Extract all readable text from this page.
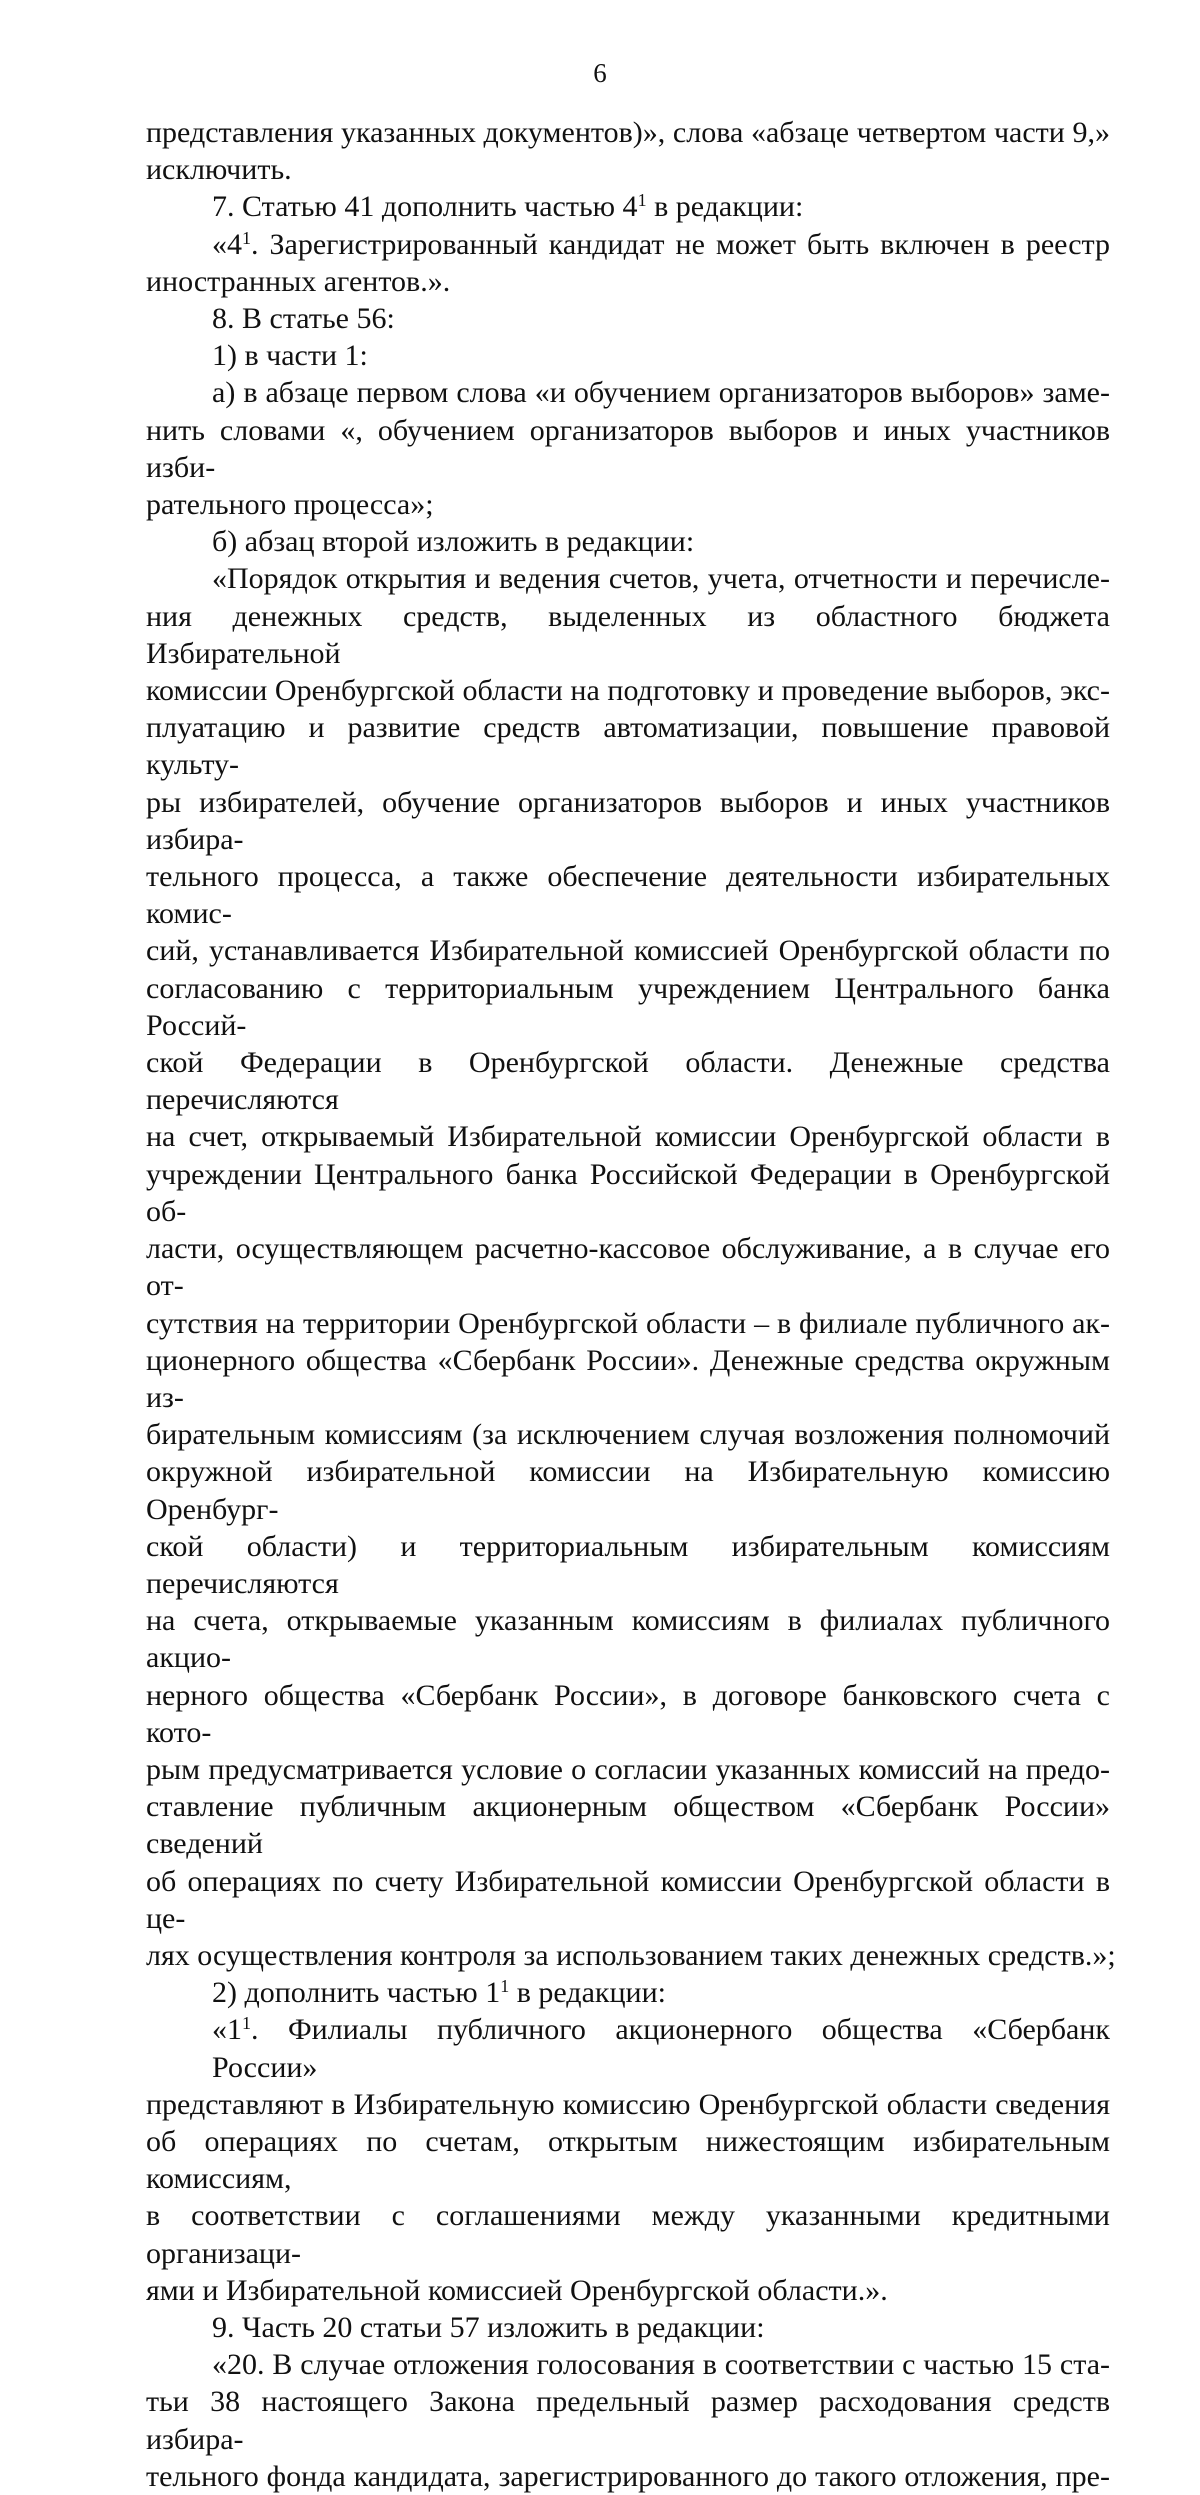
6
представления указанных документов)», слова «абзаце четвертом части 9,»
исключить.
7. Статью 41 дополнить частью $4^1$ в редакции:
«$4^1$. Зарегистрированный кандидат не может быть включен в реестр
иностранных агентов.».
8. В статье 56:
1) в части 1:
а) в абзаце первом слова «и обучением организаторов выборов» заме-
нить словами «, обучением организаторов выборов и иных участников изби-
рательного процесса»;
б) абзац второй изложить в редакции:
«Порядок открытия и ведения счетов, учета, отчетности и перечисле-
ния денежных средств, выделенных из областного бюджета Избирательной
комиссии Оренбургской области на подготовку и проведение выборов, экс-
плуатацию и развитие средств автоматизации, повышение правовой культу-
ры избирателей, обучение организаторов выборов и иных участников избира-
тельного процесса, а также обеспечение деятельности избирательных комис-
сий, устанавливается Избирательной комиссией Оренбургской области по
согласованию с территориальным учреждением Центрального банка Россий-
ской Федерации в Оренбургской области. Денежные средства перечисляются
на счет, открываемый Избирательной комиссии Оренбургской области в
учреждении Центрального банка Российской Федерации в Оренбургской об-
ласти, осуществляющем расчетно-кассовое обслуживание, а в случае его от-
сутствия на территории Оренбургской области – в филиале публичного ак-
ционерного общества «Сбербанк России». Денежные средства окружным из-
бирательным комиссиям (за исключением случая возложения полномочий
окружной избирательной комиссии на Избирательную комиссию Оренбург-
ской области) и территориальным избирательным комиссиям перечисляются
на счета, открываемые указанным комиссиям в филиалах публичного акцио-
нерного общества «Сбербанк России», в договоре банковского счета с кото-
рым предусматривается условие о согласии указанных комиссий на предо-
ставление публичным акционерным обществом «Сбербанк России» сведений
об операциях по счету Избирательной комиссии Оренбургской области в це-
лях осуществления контроля за использованием таких денежных средств.»;
2) дополнить частью $1^1$ в редакции:
«$1^1$. Филиалы публичного акционерного общества «Сбербанк России»
представляют в Избирательную комиссию Оренбургской области сведения
об операциях по счетам, открытым нижестоящим избирательным комиссиям,
в соответствии с соглашениями между указанными кредитными организаци-
ями и Избирательной комиссией Оренбургской области.».
9. Часть 20 статьи 57 изложить в редакции:
«20. В случае отложения голосования в соответствии с частью 15 ста-
тьи 38 настоящего Закона предельный размер расходования средств избира-
тельного фонда кандидата, зарегистрированного до такого отложения, пре-
